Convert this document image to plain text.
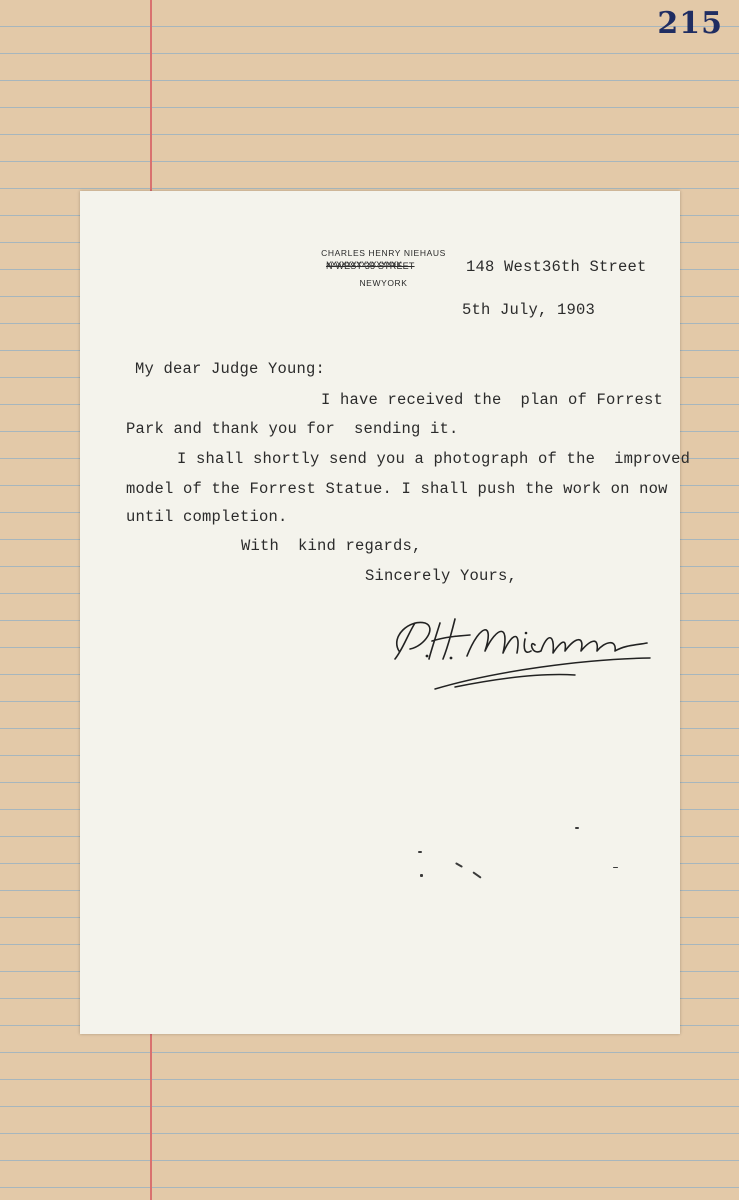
215
CHARLES HENRY NIEHAUS
N WEST 35 STREET xxxxxxxxxxxxxxx
NEWYORK
148 West36th Street
5th July, 1903
My dear Judge Young:
I have received the  plan of Forrest
Park and thank you for  sending it.
I shall shortly send you a photograph of the  improved
model of the Forrest Statue. I shall push the work on now
until completion.
With  kind regards,
Sincerely Yours,
